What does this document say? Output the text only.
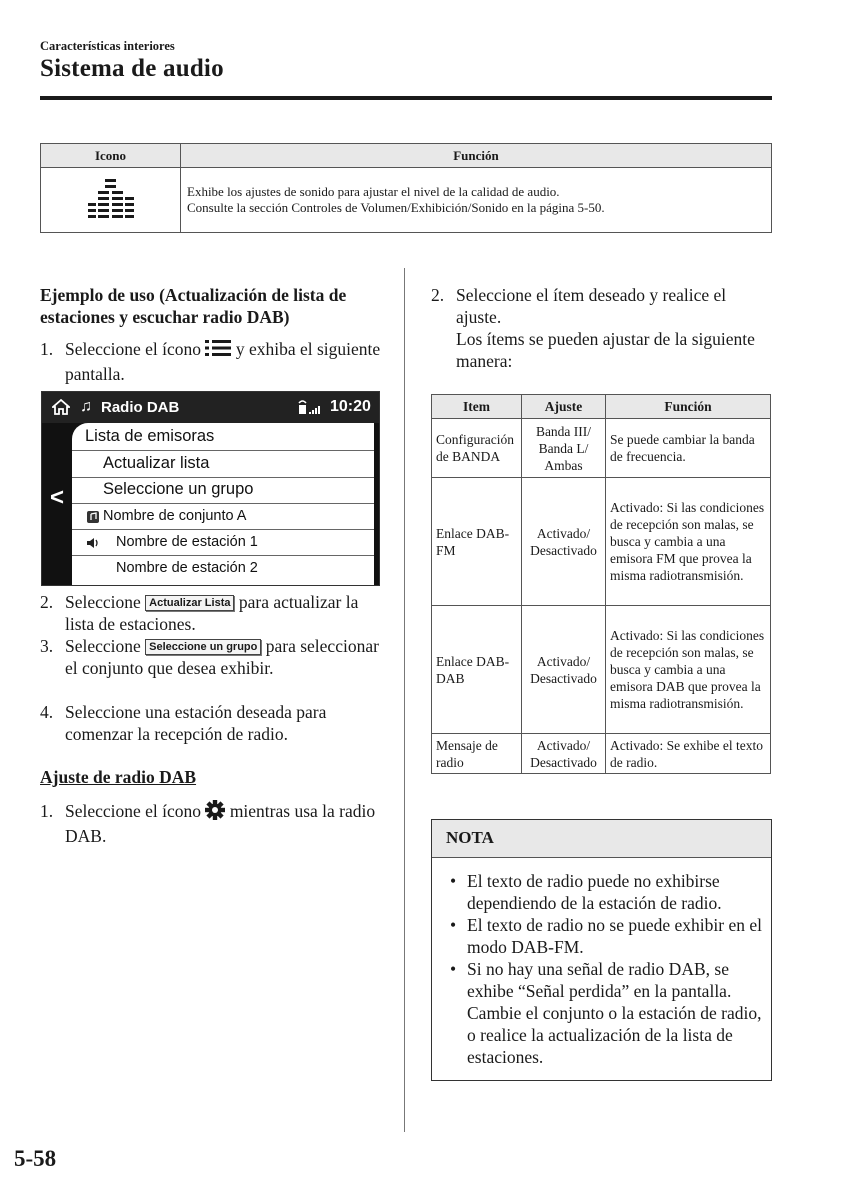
Características interiores
Sistema de audio
Icono	Función

Exhibe los ajustes de sonido para ajustar el nivel de la calidad de audio.
Consulte la sección Controles de Volumen/Exhibición/Sonido en la página 5-50.
Ejemplo de uso (Actualización de lista de estaciones y escuchar radio DAB)
1. Seleccione el ícono y exhiba el siguiente pantalla.
♫ Radio DAB	10:20
<
Lista de emisoras
Actualizar lista
Seleccione un grupo
Nombre de conjunto A
Nombre de estación 1
Nombre de estación 2
2. Seleccione Actualizar Lista para actualizar la lista de estaciones.
3. Seleccione Seleccione un grupo para seleccionar el conjunto que desea exhibir.
4. Seleccione una estación deseada para comenzar la recepción de radio.
Ajuste de radio DAB
1. Seleccione el ícono mientras usa la radio DAB.
2. Seleccione el ítem deseado y realice el ajuste.
Los ítems se pueden ajustar de la siguiente manera:
Item	Ajuste	Función
Configuración de BANDA	Banda III/ Banda L/ Ambas	Se puede cambiar la banda de frecuencia.
Enlace DAB-FM	Activado/ Desactivado	Activado: Si las condiciones de recepción son malas, se busca y cambia a una emisora FM que provea la misma radiotransmisión.
Enlace DAB-DAB	Activado/ Desactivado	Activado: Si las condiciones de recepción son malas, se busca y cambia a una emisora DAB que provea la misma radiotransmisión.
Mensaje de radio	Activado/ Desactivado	Activado: Se exhibe el texto de radio.
NOTA
• El texto de radio puede no exhibirse dependiendo de la estación de radio.
• El texto de radio no se puede exhibir en el modo DAB-FM.
• Si no hay una señal de radio DAB, se exhibe “Señal perdida” en la pantalla. Cambie el conjunto o la estación de radio, o realice la actualización de la lista de estaciones.
5-58
